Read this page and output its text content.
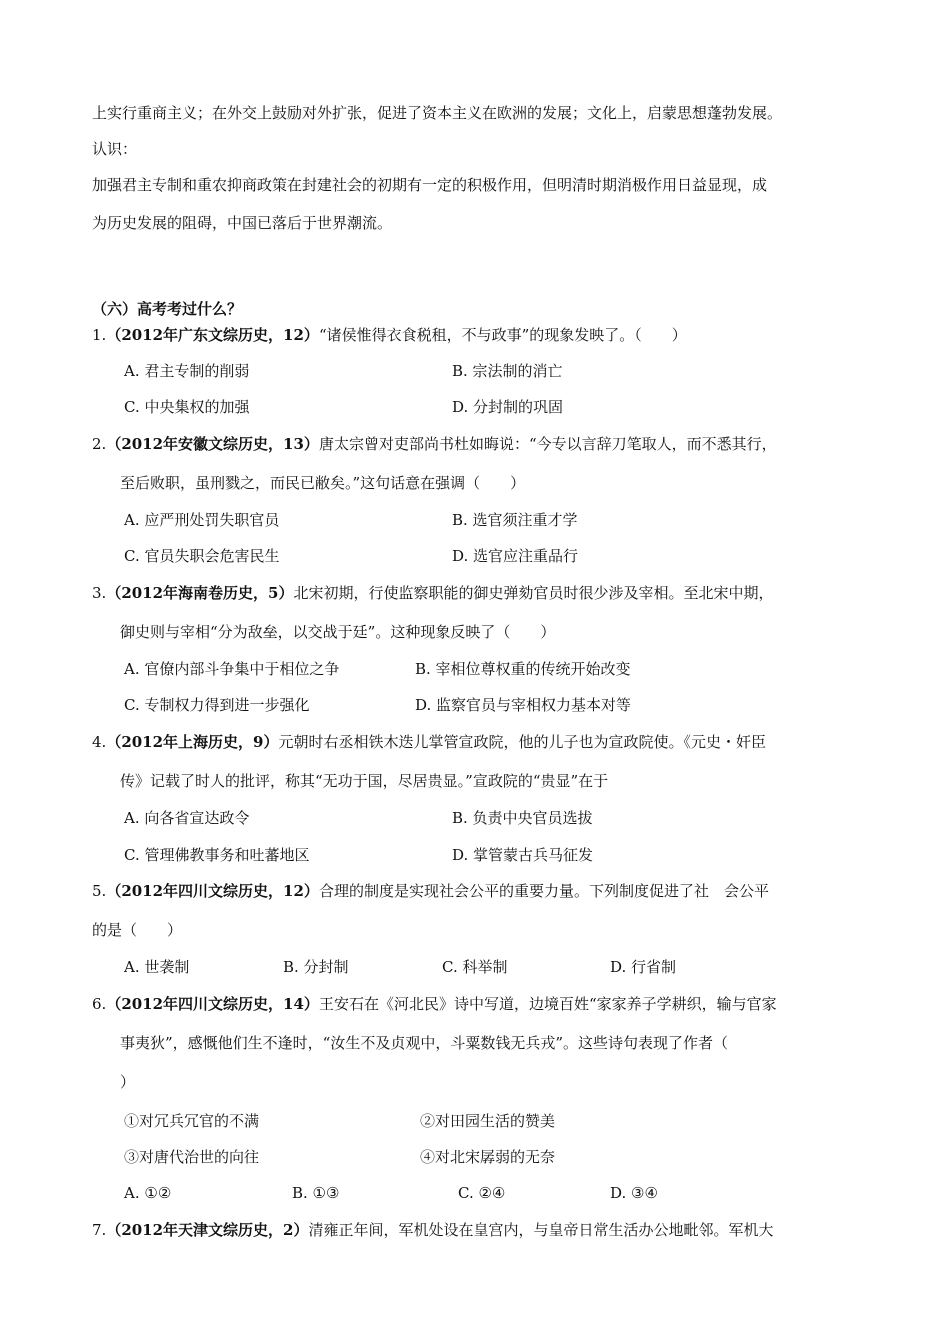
上实行重商主义；在外交上鼓励对外扩张，促进了资本主义在欧洲的发展；文化上，启蒙思想蓬勃发展。
认识：
加强君主专制和重农抑商政策在封建社会的初期有一定的积极作用，但明清时期消极作用日益显现，成
为历史发展的阻碍，中国已落后于世界潮流。
（六）高考考过什么？
1.（2012年广东文综历史，12）“诸侯惟得衣食税租，不与政事”的现象发映了。（　　）
A. 君主专制的削弱	B. 宗法制的消亡
C. 中央集权的加强	D. 分封制的巩固
2.（2012年安徽文综历史，13）唐太宗曾对吏部尚书杜如晦说：“今专以言辞刀笔取人，而不悉其行，
至后败职，虽刑戮之，而民已敝矣。”这句话意在强调（　　）
A. 应严刑处罚失职官员	B. 选官须注重才学
C. 官员失职会危害民生	D. 选官应注重品行
3.（2012年海南卷历史，5）北宋初期，行使监察职能的御史弹劾官员时很少涉及宰相。至北宋中期，
御史则与宰相“分为敌垒，以交战于廷”。这种现象反映了（　　）
A. 官僚内部斗争集中于相位之争	B. 宰相位尊权重的传统开始改变
C. 专制权力得到进一步强化	D. 监察官员与宰相权力基本对等
4.（2012年上海历史，9）元朝时右丞相铁木迭儿掌管宣政院，他的儿子也为宣政院使。《元史・奸臣
传》记载了时人的批评，称其“无功于国，尽居贵显。”宣政院的“贵显”在于
A. 向各省宣达政令	B. 负责中央官员选拔
C. 管理佛教事务和吐蕃地区	D. 掌管蒙古兵马征发
5.（2012年四川文综历史，12）合理的制度是实现社会公平的重要力量。下列制度促进了社　会公平
的是（　　）
A. 世袭制	B. 分封制	C. 科举制	D. 行省制
6.（2012年四川文综历史，14）王安石在《河北民》诗中写道，边境百姓“家家养子学耕织，输与官家
事夷狄”，感慨他们生不逢时，“汝生不及贞观中，斗粟数钱无兵戎”。这些诗句表现了作者（
）
①对冗兵冗官的不满	②对田园生活的赞美
③对唐代治世的向往	④对北宋孱弱的无奈
A. ①②	B. ①③	C. ②④	D. ③④
7.（2012年天津文综历史，2）清雍正年间，军机处设在皇宫内，与皇帝日常生活办公地毗邻。军机大
